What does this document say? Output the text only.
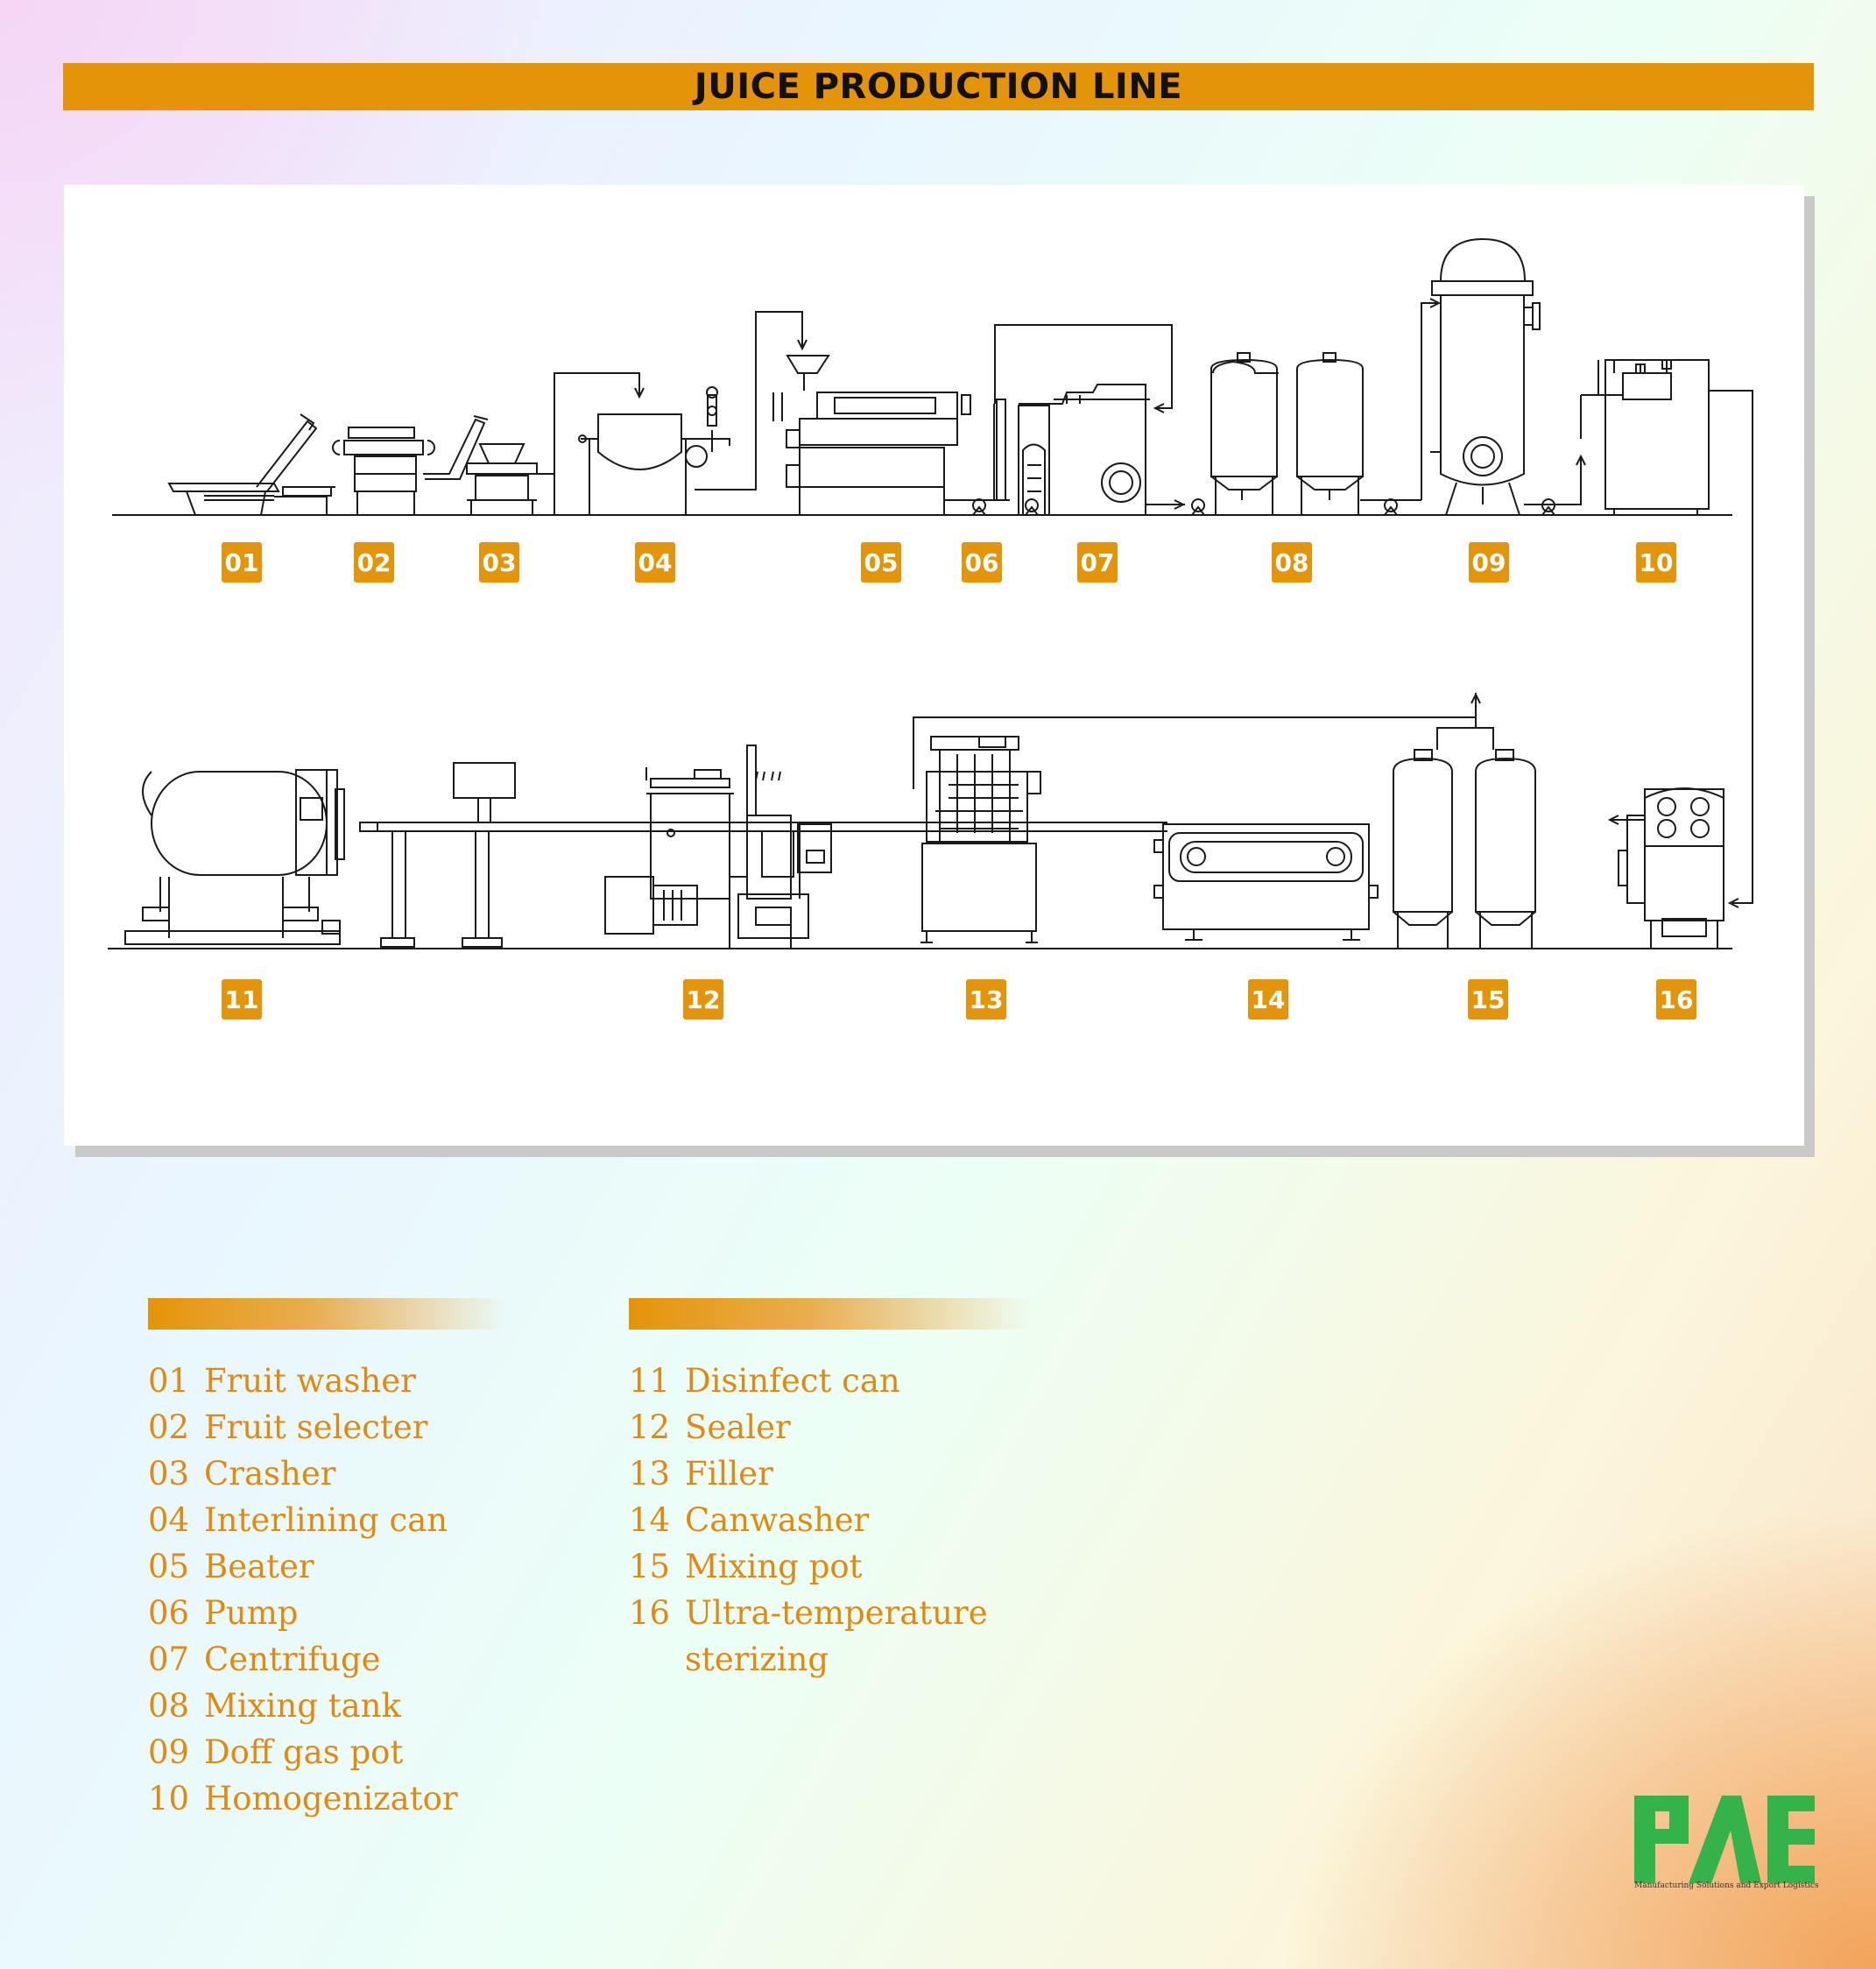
JUICE PRODUCTION LINE
01	02	03	04	05	06	07	08	09	10
11	12	13	14	15	16
01 Fruit washer
02 Fruit selecter
03 Crasher
04 Interlining can
05 Beater
06 Pump
07 Centrifuge
08 Mixing tank
09 Doff gas pot
10 Homogenizator
11 Disinfect can
12 Sealer
13 Filler
14 Canwasher
15 Mixing pot
16 Ultra-temperature
sterizing
Manufacturing Solutions and Export Logistics
